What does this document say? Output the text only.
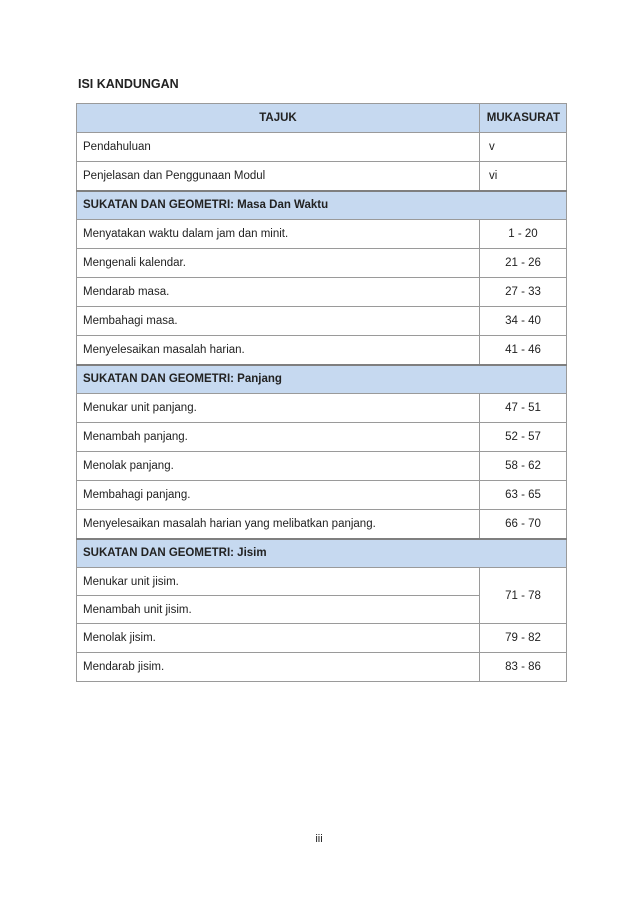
ISI KANDUNGAN
TAJUK	MUKASURAT
Pendahuluan	v
Penjelasan dan Penggunaan Modul	vi
SUKATAN DAN GEOMETRI: Masa Dan Waktu	
Menyatakan waktu dalam jam dan minit.	1 - 20
Mengenali kalendar.	21 - 26
Mendarab masa.	27 - 33
Membahagi masa.	34 - 40
Menyelesaikan masalah harian.	41 - 46
SUKATAN DAN GEOMETRI: Panjang	
Menukar unit panjang.	47 - 51
Menambah panjang.	52 - 57
Menolak panjang.	58 - 62
Membahagi panjang.	63 - 65
Menyelesaikan masalah harian yang melibatkan panjang.	66 - 70
SUKATAN DAN GEOMETRI: Jisim	
Menukar unit jisim.	71 - 78
Menambah unit jisim.	
Menolak jisim.	79 - 82
Mendarab jisim.	83 - 86
iii
